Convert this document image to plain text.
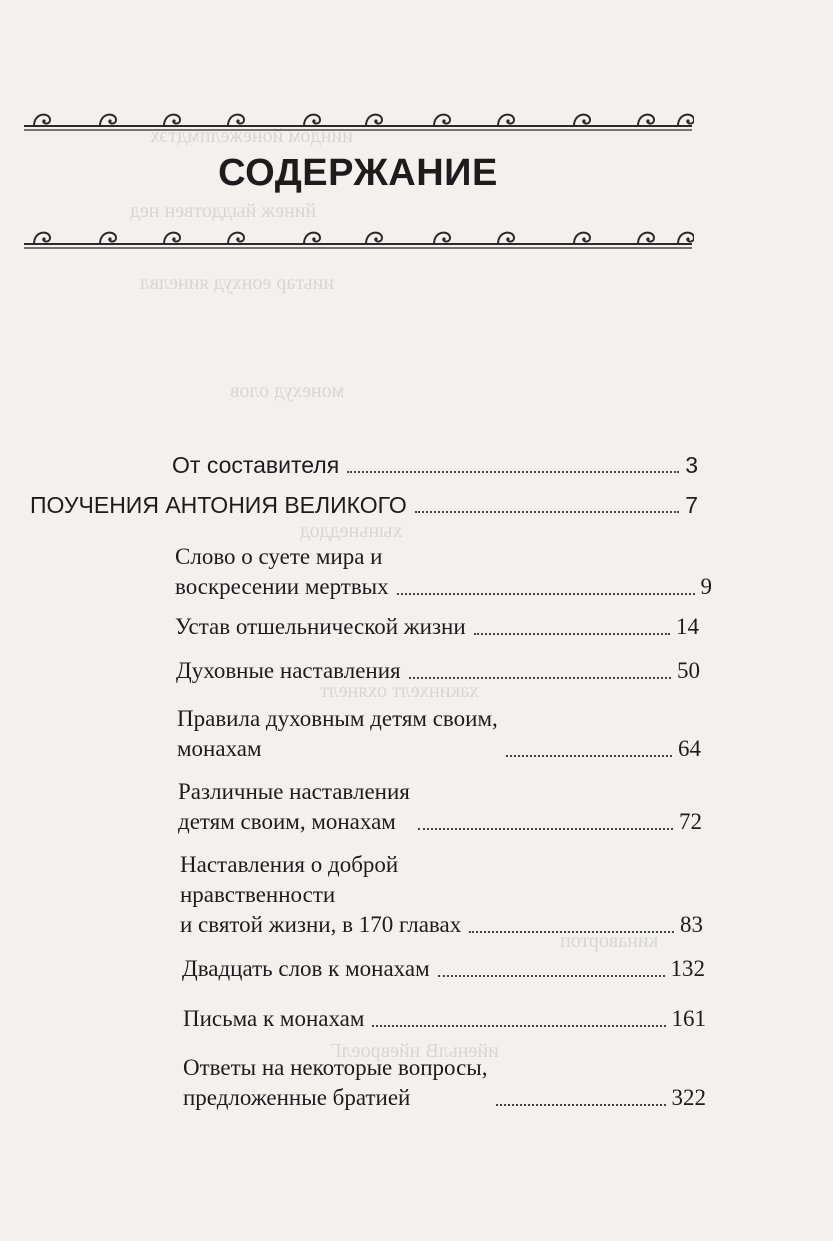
ииндом йонежелпмдтэх
йинеж йыддотвен нед
ииьтар еонхуд яинелвл
монехуд олов
хыньнеддод
хакинхелт охянелт
кинавортоп
ийеньлВ ийевроелГ
СОДЕРЖАНИЕ
От составителя	3
ПОУЧЕНИЯ АНТОНИЯ ВЕЛИКОГО	7
Слово о суете мира и
воскресении мертвых	9
Устав отшельнической жизни	14
Духовные наставления	50
Правила духовным детям своим,
монахам	64
Различные наставления
детям своим, монахам	72
Наставления о доброй
нравственности
и святой жизни, в 170 главах	83
Двадцать слов к монахам	132
Письма к монахам	161
Ответы на некоторые вопросы,
предложенные братией	322
